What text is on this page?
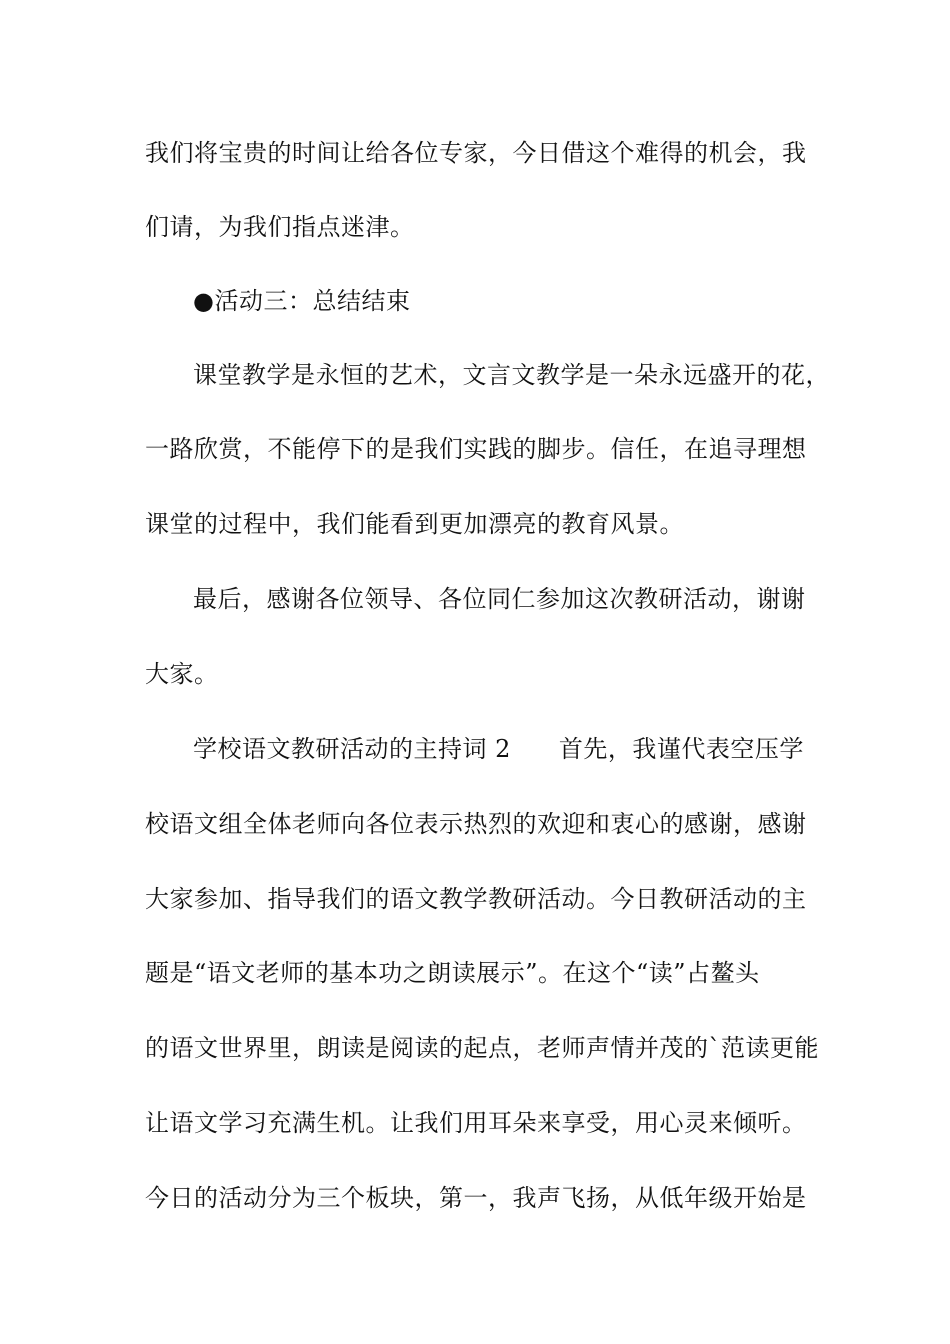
我们将宝贵的时间让给各位专家，今日借这个难得的机会，我
们请，为我们指点迷津。
●活动三：总结结束
课堂教学是永恒的艺术，文言文教学是一朵永远盛开的花，
一路欣赏，不能停下的是我们实践的脚步。信任，在追寻理想
课堂的过程中，我们能看到更加漂亮的教育风景。
最后，感谢各位领导、各位同仁参加这次教研活动，谢谢
大家。
学校语文教研活动的主持词 2 首先，我谨代表空压学
校语文组全体老师向各位表示热烈的欢迎和衷心的感谢，感谢
大家参加、指导我们的语文教学教研活动。今日教研活动的主
题是“语文老师的基本功之朗读展示”。在这个“读”占鳌头
的语文世界里，朗读是阅读的起点，老师声情并茂的`范读更能
让语文学习充满生机。让我们用耳朵来享受，用心灵来倾听。
今日的活动分为三个板块，第一，我声飞扬，从低年级开始是
